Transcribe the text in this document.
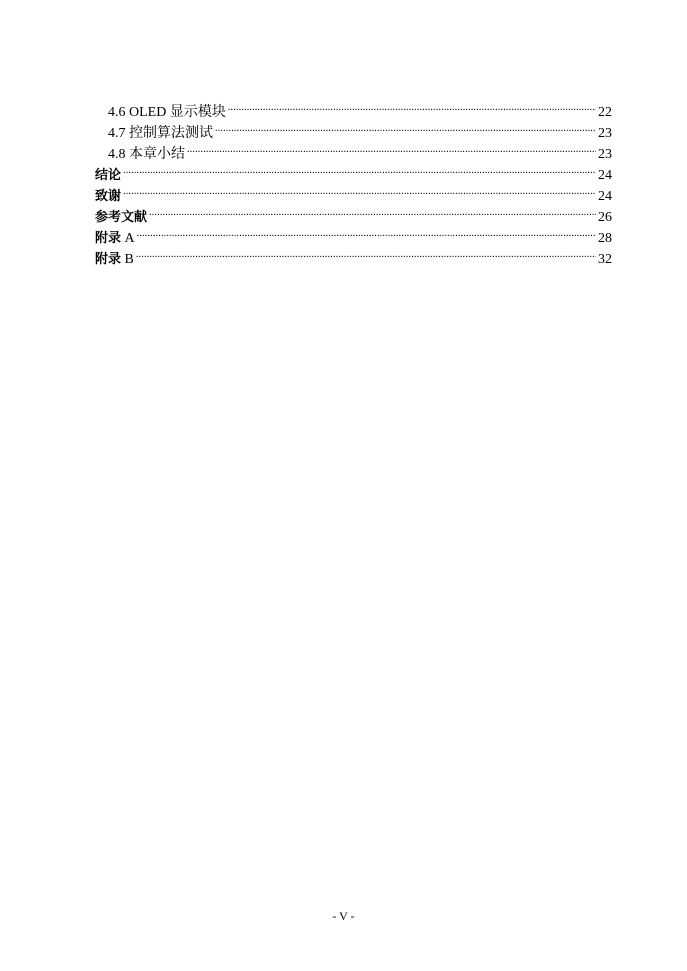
4.6 OLED 显示模块 .....	22
4.7 控制算法测试 .....	23
4.8 本章小结 .....	23
结论 .....	24
致谢 .....	24
参考文献 .....	26
附录 A .....	28
附录 B .....	32
- V -
